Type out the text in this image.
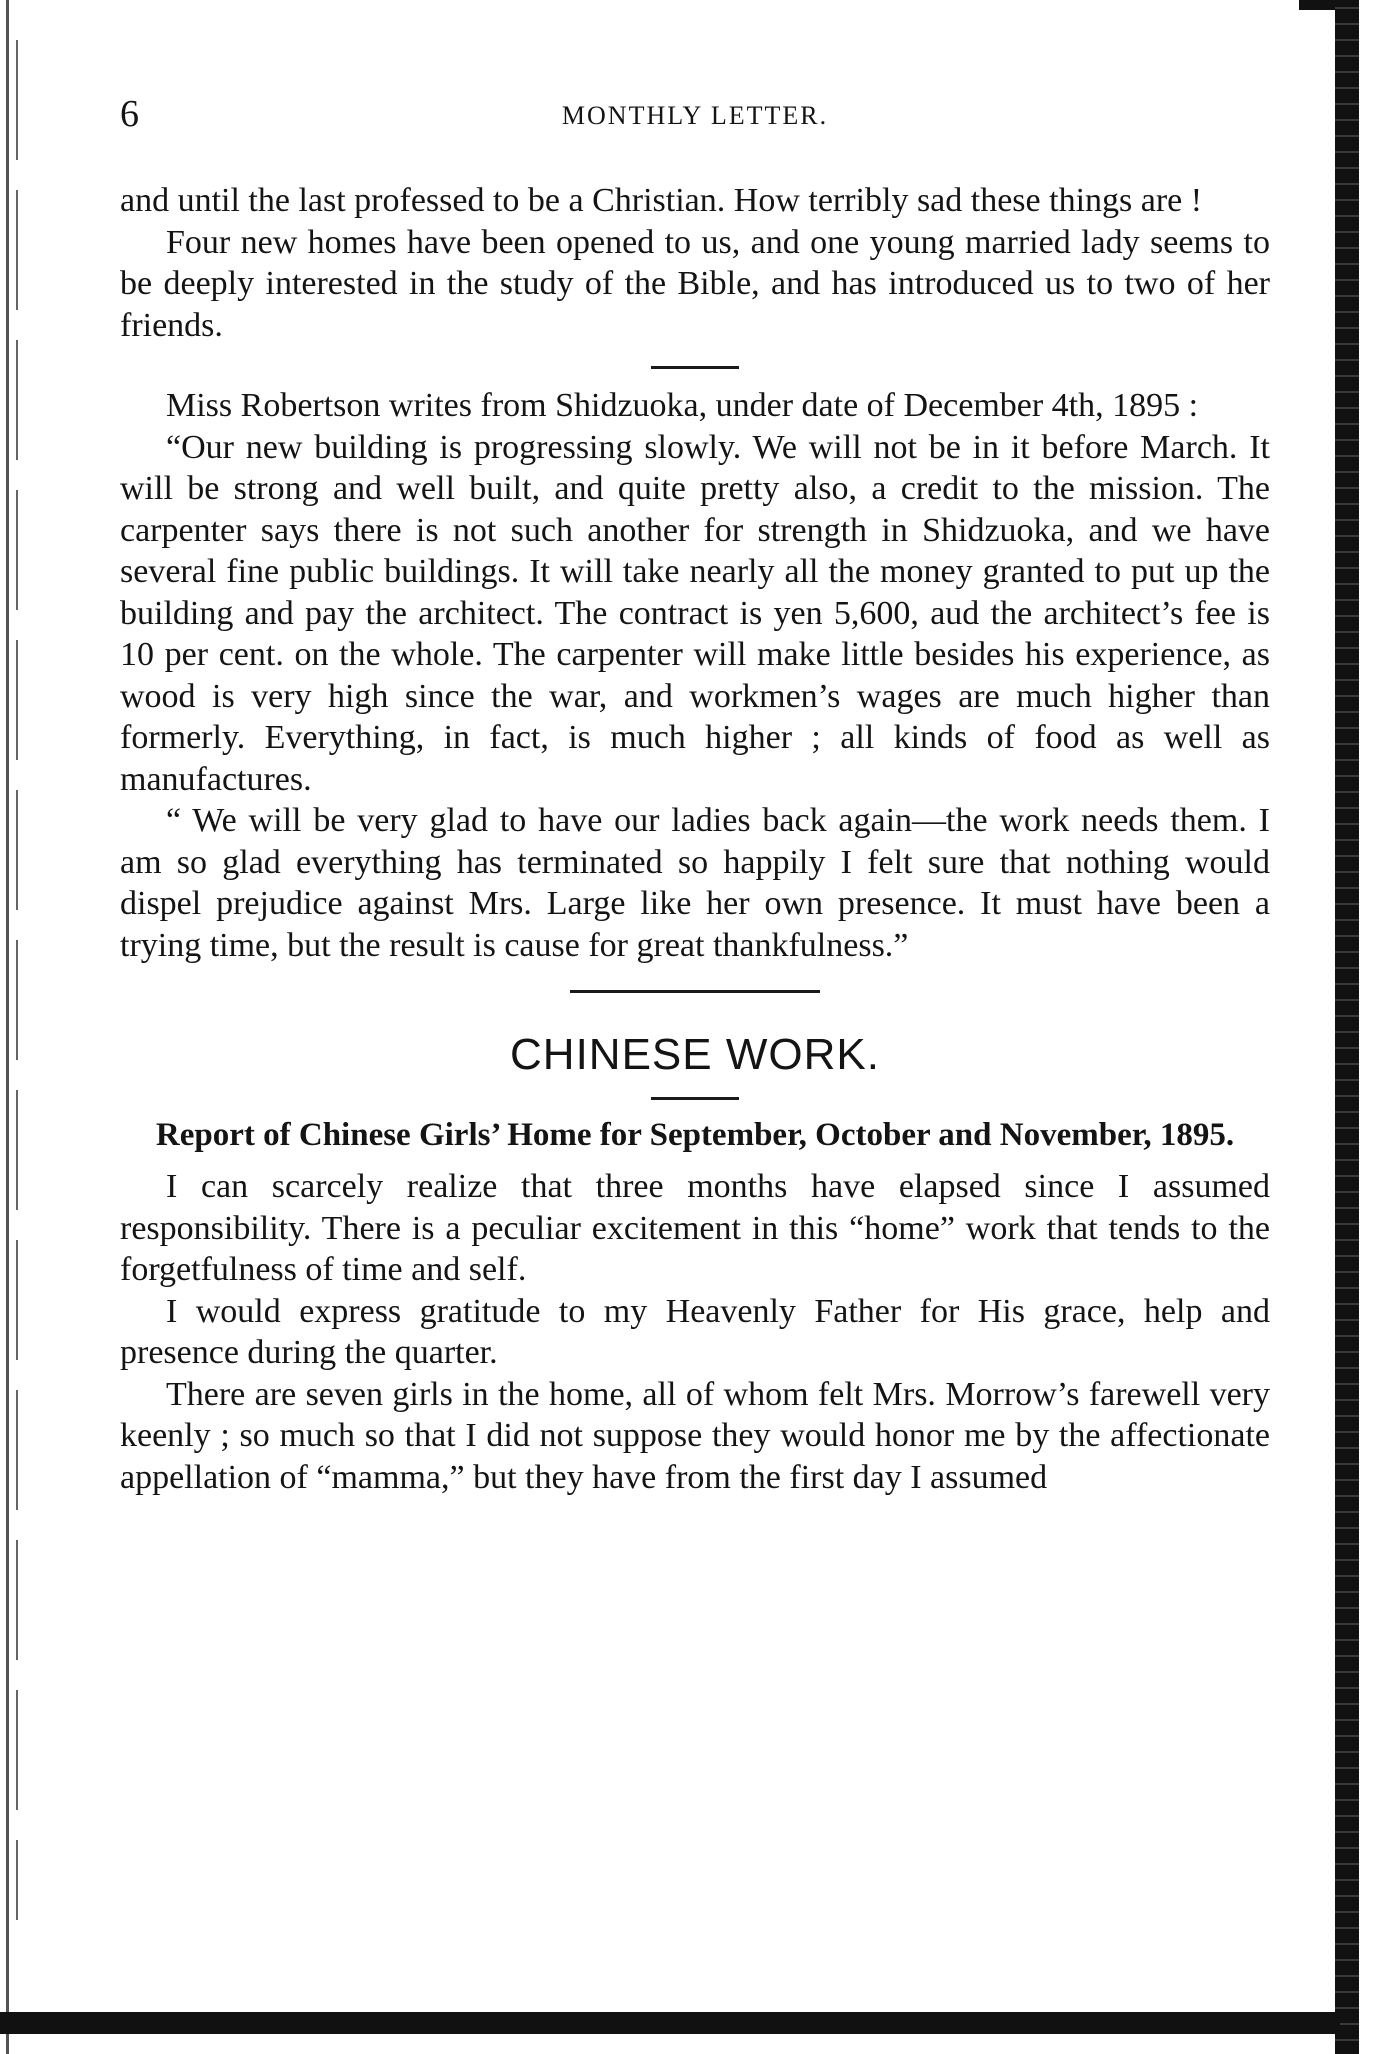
6	MONTHLY LETTER.

and until the last professed to be a Christian. How terribly sad these things are !

Four new homes have been opened to us, and one young married lady seems to be deeply interested in the study of the Bible, and has introduced us to two of her friends.

Miss Robertson writes from Shidzuoka, under date of December 4th, 1895 :

“Our new building is progressing slowly. We will not be in it before March. It will be strong and well built, and quite pretty also, a credit to the mission. The carpenter says there is not such another for strength in Shidzuoka, and we have several fine public buildings. It will take nearly all the money granted to put up the building and pay the architect. The contract is yen 5,600, aud the architect’s fee is 10 per cent. on the whole. The carpenter will make little besides his experience, as wood is very high since the war, and workmen’s wages are much higher than formerly. Everything, in fact, is much higher ; all kinds of food as well as manufactures.

“ We will be very glad to have our ladies back again—the work needs them. I am so glad everything has terminated so happily I felt sure that nothing would dispel prejudice against Mrs. Large like her own presence. It must have been a trying time, but the result is cause for great thankfulness.”

CHINESE WORK.
Report of Chinese Girls’ Home for September, October and November, 1895.

I can scarcely realize that three months have elapsed since I assumed responsibility. There is a peculiar excitement in this “home” work that tends to the forgetfulness of time and self.

I would express gratitude to my Heavenly Father for His grace, help and presence during the quarter.

There are seven girls in the home, all of whom felt Mrs. Morrow’s farewell very keenly ; so much so that I did not suppose they would honor me by the affectionate appellation of “mamma,” but they have from the first day I assumed
